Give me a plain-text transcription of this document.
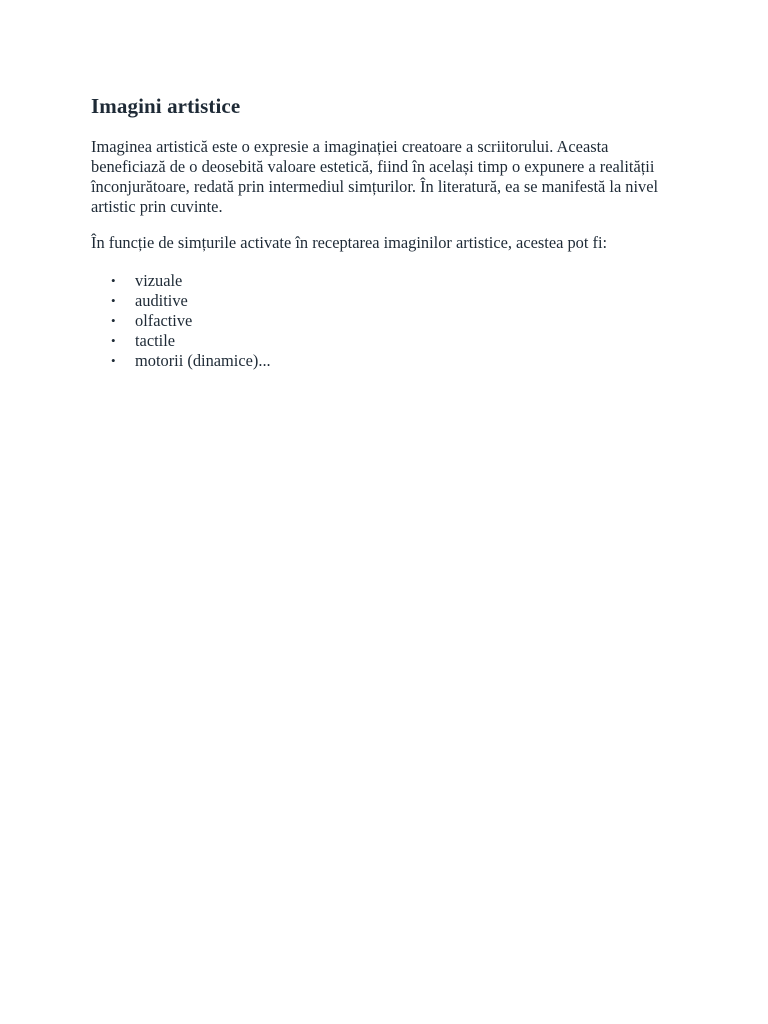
Imagini artistice

Imaginea artistică este o expresie a imaginației creatoare a scriitorului. Aceasta beneficiază de o deosebită valoare estetică, fiind în același timp o expunere a realității înconjurătoare, redată prin intermediul simțurilor. În literatură, ea se manifestă la nivel artistic prin cuvinte.

În funcție de simțurile activate în receptarea imaginilor artistice, acestea pot fi:

• vizuale
• auditive
• olfactive
• tactile
• motorii (dinamice)...
